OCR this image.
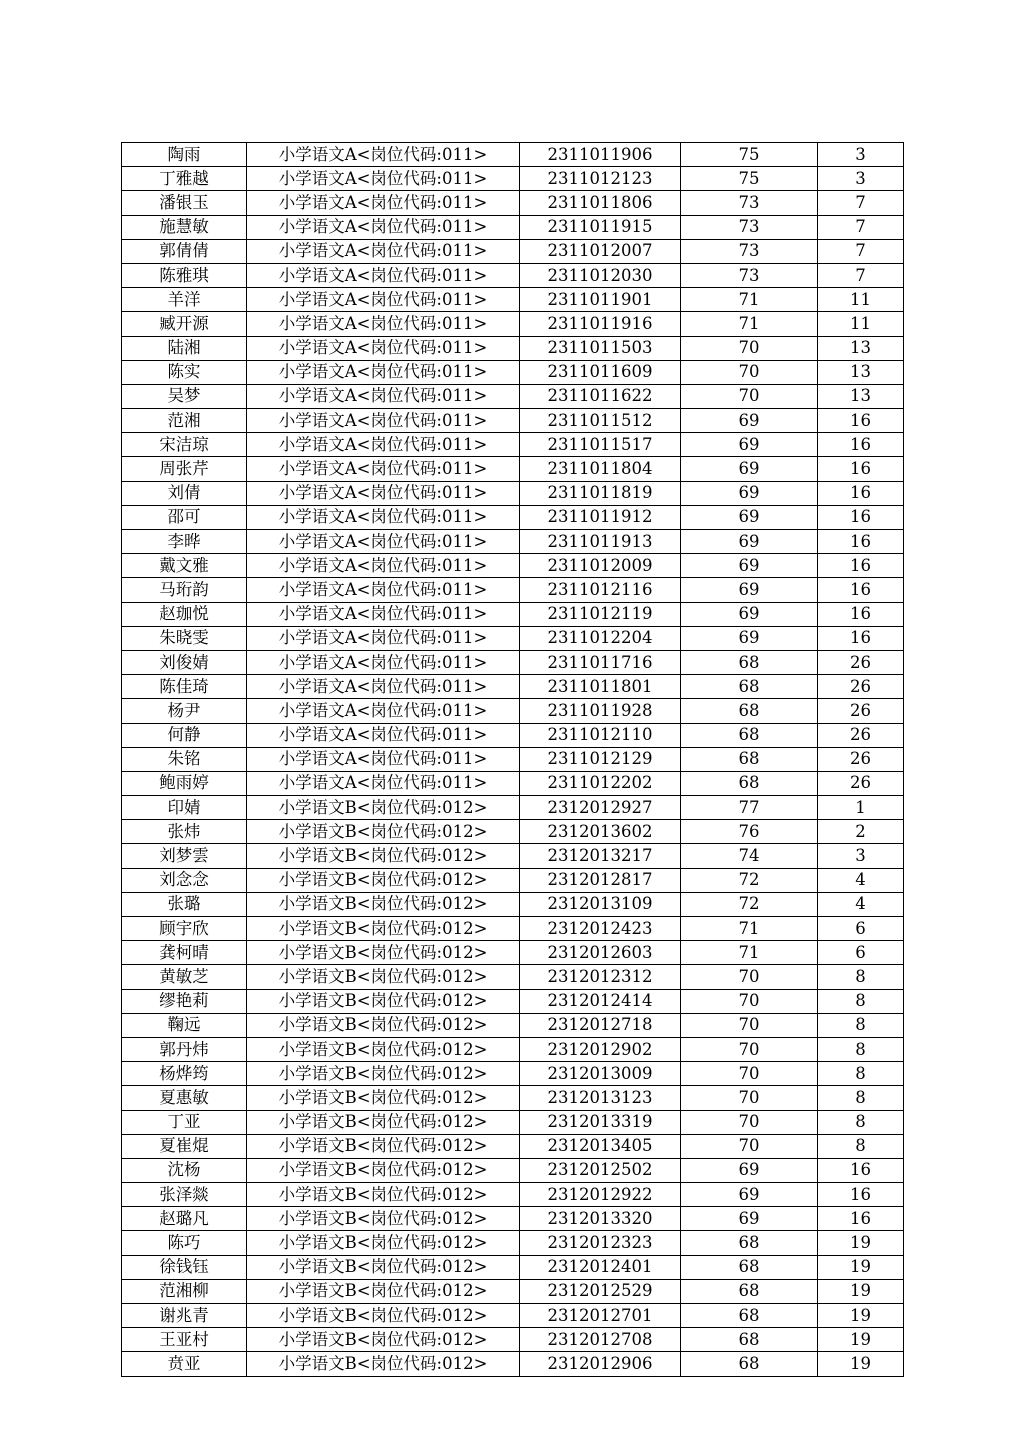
陶雨	小学语文A<岗位代码:011>	2311011906	75	3
丁雅越	小学语文A<岗位代码:011>	2311012123	75	3
潘银玉	小学语文A<岗位代码:011>	2311011806	73	7
施慧敏	小学语文A<岗位代码:011>	2311011915	73	7
郭倩倩	小学语文A<岗位代码:011>	2311012007	73	7
陈雅琪	小学语文A<岗位代码:011>	2311012030	73	7
羊洋	小学语文A<岗位代码:011>	2311011901	71	11
臧开源	小学语文A<岗位代码:011>	2311011916	71	11
陆湘	小学语文A<岗位代码:011>	2311011503	70	13
陈实	小学语文A<岗位代码:011>	2311011609	70	13
吴梦	小学语文A<岗位代码:011>	2311011622	70	13
范湘	小学语文A<岗位代码:011>	2311011512	69	16
宋洁琼	小学语文A<岗位代码:011>	2311011517	69	16
周张芹	小学语文A<岗位代码:011>	2311011804	69	16
刘倩	小学语文A<岗位代码:011>	2311011819	69	16
邵可	小学语文A<岗位代码:011>	2311011912	69	16
李晔	小学语文A<岗位代码:011>	2311011913	69	16
戴文雅	小学语文A<岗位代码:011>	2311012009	69	16
马珩韵	小学语文A<岗位代码:011>	2311012116	69	16
赵珈悦	小学语文A<岗位代码:011>	2311012119	69	16
朱晓雯	小学语文A<岗位代码:011>	2311012204	69	16
刘俊婧	小学语文A<岗位代码:011>	2311011716	68	26
陈佳琦	小学语文A<岗位代码:011>	2311011801	68	26
杨尹	小学语文A<岗位代码:011>	2311011928	68	26
何静	小学语文A<岗位代码:011>	2311012110	68	26
朱铭	小学语文A<岗位代码:011>	2311012129	68	26
鲍雨婷	小学语文A<岗位代码:011>	2311012202	68	26
印婧	小学语文B<岗位代码:012>	2312012927	77	1
张炜	小学语文B<岗位代码:012>	2312013602	76	2
刘梦雲	小学语文B<岗位代码:012>	2312013217	74	3
刘念念	小学语文B<岗位代码:012>	2312012817	72	4
张璐	小学语文B<岗位代码:012>	2312013109	72	4
顾宇欣	小学语文B<岗位代码:012>	2312012423	71	6
龚柯晴	小学语文B<岗位代码:012>	2312012603	71	6
黄敏芝	小学语文B<岗位代码:012>	2312012312	70	8
缪艳莉	小学语文B<岗位代码:012>	2312012414	70	8
鞠远	小学语文B<岗位代码:012>	2312012718	70	8
郭丹炜	小学语文B<岗位代码:012>	2312012902	70	8
杨烨筠	小学语文B<岗位代码:012>	2312013009	70	8
夏惠敏	小学语文B<岗位代码:012>	2312013123	70	8
丁亚	小学语文B<岗位代码:012>	2312013319	70	8
夏崔焜	小学语文B<岗位代码:012>	2312013405	70	8
沈杨	小学语文B<岗位代码:012>	2312012502	69	16
张泽燚	小学语文B<岗位代码:012>	2312012922	69	16
赵璐凡	小学语文B<岗位代码:012>	2312013320	69	16
陈巧	小学语文B<岗位代码:012>	2312012323	68	19
徐钱钰	小学语文B<岗位代码:012>	2312012401	68	19
范湘柳	小学语文B<岗位代码:012>	2312012529	68	19
谢兆青	小学语文B<岗位代码:012>	2312012701	68	19
王亚村	小学语文B<岗位代码:012>	2312012708	68	19
贲亚	小学语文B<岗位代码:012>	2312012906	68	19
